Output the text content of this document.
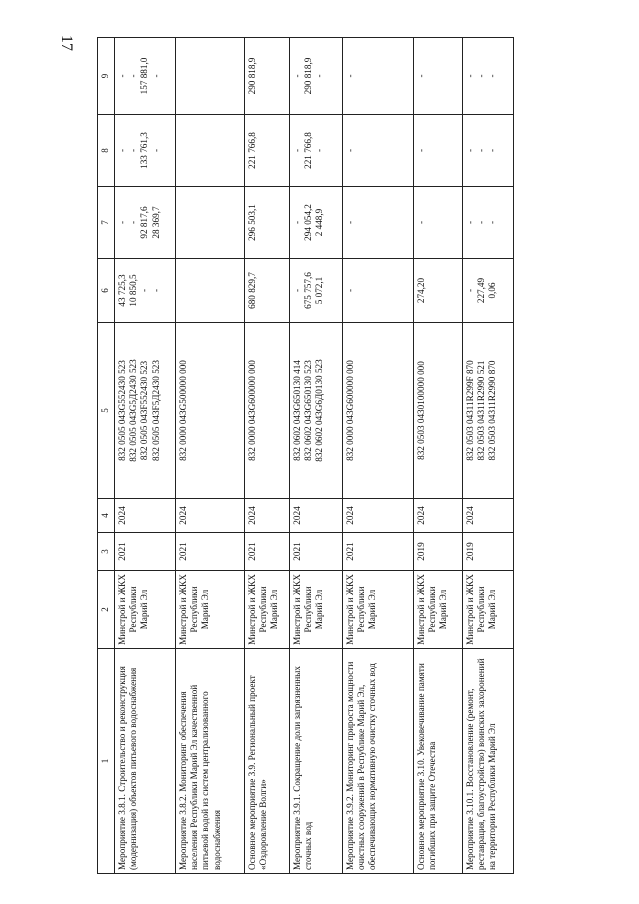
17
1	2	3	4	5	6	7	8	9

Мероприятие 3.8.1. Строительство и реконструкция (модернизация) объектов питьевого водоснабжения	Минстрой и ЖКХ Республики Марий Эл	2021	2024	832 0505 043G552430 523 832 0505 043G5Д2430 523 832 0505 043F552430 523 832 0505 043F5Д2430 523	43 725,3 10 850,5 - -	- - 92 817,6 28 369,7	- - 133 761,3 -	- - 157 881,0 -

Мероприятие 3.8.2. Мониторинг обеспечения населения Республики Марий Эл качественной питьевой водой из систем централизованного водоснабжения	Минстрой и ЖКХ Республики Марий Эл	2021	2024	832 0000 043G500000 000				

Основное мероприятие 3.9. Региональный проект «Оздоровление Волги»	Минстрой и ЖКХ Республики Марий Эл	2021	2024	832 0000 043G600000 000	680 829,7	296 503,1	221 766,8	290 818,9

Мероприятие 3.9.1. Сокращение доли загрязненных сточных вод	Минстрой и ЖКХ Республики Марий Эл	2021	2024	832 0602 043G650130 414 832 0602 043G650130 523 832 0602 043G6Д0130 523	- 675 757,6 5 072,1	- 294 054,2 2 448,9	- 221 766,8 -	- 290 818,9 -

Мероприятие 3.9.2. Мониторинг прироста мощности очистных сооружений в Республике Марий Эл, обеспечивающих нормативную очистку сточных вод	Минстрой и ЖКХ Республики Марий Эл	2021	2024	832 0000 043G600000 000	-	-	-	-

Основное мероприятие 3.10. Увековечивание памяти погибших при защите Отечества	Минстрой и ЖКХ Республики Марий Эл	2019	2024	832 0503 0430100000 000	274,20	-	-	-

Мероприятие 3.10.1. Восстановление (ремонт, реставрация, благоустройство) воинских захоронений на территории Республики Марий Эл	Минстрой и ЖКХ Республики Марий Эл	2019	2024	832 0503 04311R299F 870 832 0503 04311R2990 521 832 0503 04311R2990 870	- 227,49 0,06	- - -	- - -	- - -
